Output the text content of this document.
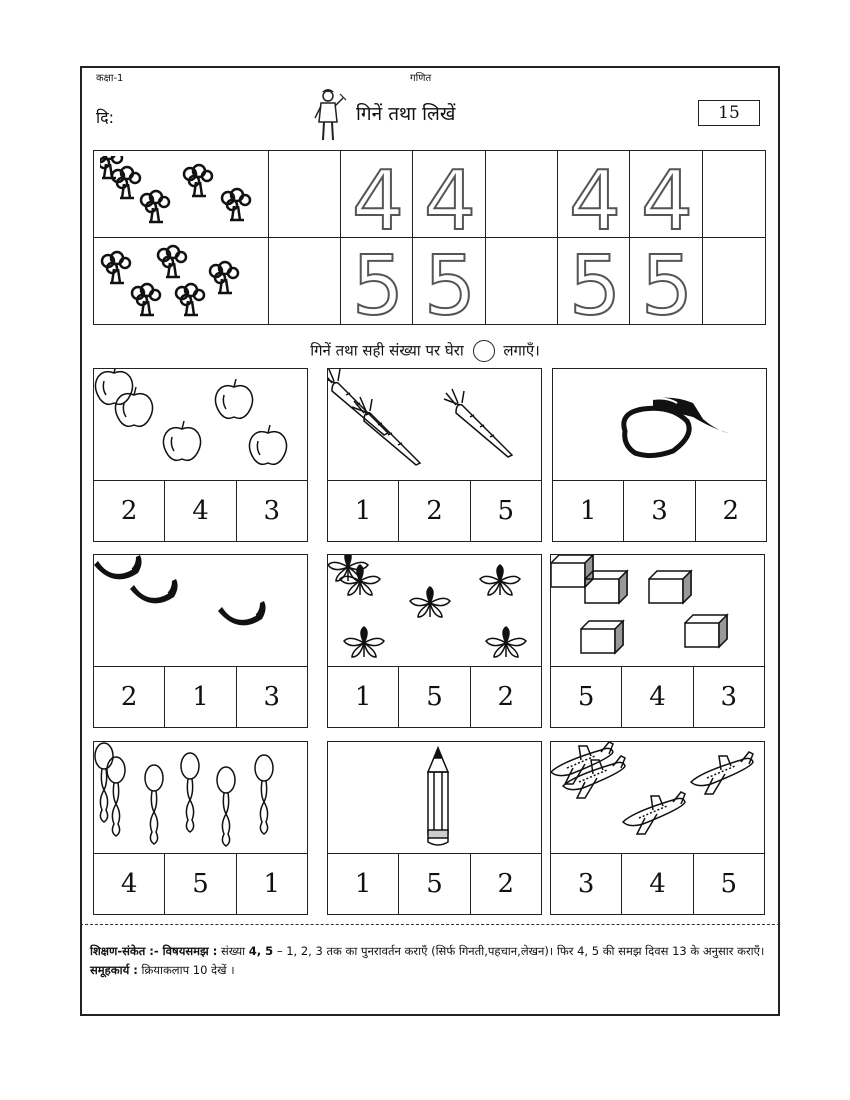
कक्षा-1	गणित
दि:	गिनें तथा लिखें	15
4 4 4 4
5 5 5 5
गिनें तथा सही संख्या पर घेरा	लगाएँ।
2	4	3	1	2	5	1	3	2
2	1	3	1	5	2	5	4	3
4	5	1	1	5	2	3	4	5
शिक्षण-संकेत :- विषयसमझ : संख्या 4, 5 – 1, 2, 3 तक का पुनरावर्तन कराएँ (सिर्फ गिनती,पहचान,लेखन)। फिर 4, 5 की समझ दिवस 13 के अनुसार कराएँ।
समूहकार्य : क्रियाकलाप 10 देखें ।
